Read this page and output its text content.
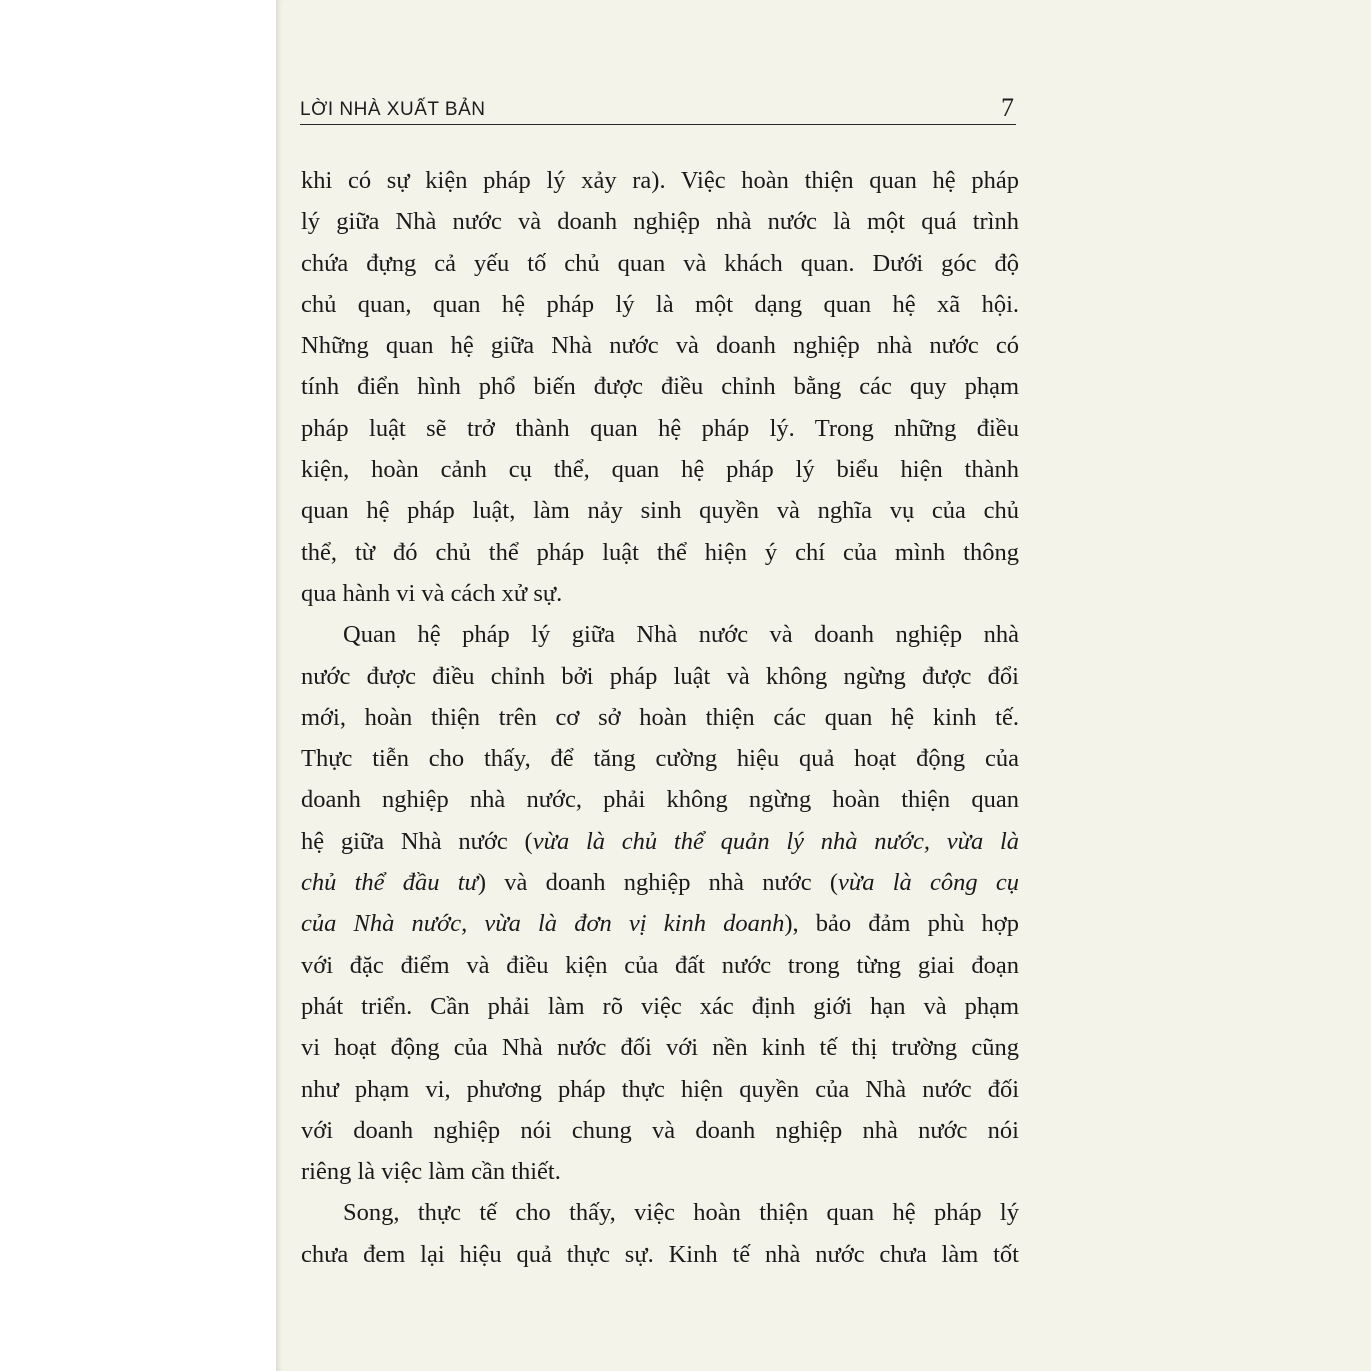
LỜI NHÀ XUẤT BẢN	7
khi có sự kiện pháp lý xảy ra). Việc hoàn thiện quan hệ pháp
lý giữa Nhà nước và doanh nghiệp nhà nước là một quá trình
chứa đựng cả yếu tố chủ quan và khách quan. Dưới góc độ
chủ quan, quan hệ pháp lý là một dạng quan hệ xã hội.
Những quan hệ giữa Nhà nước và doanh nghiệp nhà nước có
tính điển hình phổ biến được điều chỉnh bằng các quy phạm
pháp luật sẽ trở thành quan hệ pháp lý. Trong những điều
kiện, hoàn cảnh cụ thể, quan hệ pháp lý biểu hiện thành
quan hệ pháp luật, làm nảy sinh quyền và nghĩa vụ của chủ
thể, từ đó chủ thể pháp luật thể hiện ý chí của mình thông
qua hành vi và cách xử sự.
Quan hệ pháp lý giữa Nhà nước và doanh nghiệp nhà
nước được điều chỉnh bởi pháp luật và không ngừng được đổi
mới, hoàn thiện trên cơ sở hoàn thiện các quan hệ kinh tế.
Thực tiễn cho thấy, để tăng cường hiệu quả hoạt động của
doanh nghiệp nhà nước, phải không ngừng hoàn thiện quan
hệ giữa Nhà nước (vừa là chủ thể quản lý nhà nước, vừa là
chủ thể đầu tư) và doanh nghiệp nhà nước (vừa là công cụ
của Nhà nước, vừa là đơn vị kinh doanh), bảo đảm phù hợp
với đặc điểm và điều kiện của đất nước trong từng giai đoạn
phát triển. Cần phải làm rõ việc xác định giới hạn và phạm
vi hoạt động của Nhà nước đối với nền kinh tế thị trường cũng
như phạm vi, phương pháp thực hiện quyền của Nhà nước đối
với doanh nghiệp nói chung và doanh nghiệp nhà nước nói
riêng là việc làm cần thiết.
Song, thực tế cho thấy, việc hoàn thiện quan hệ pháp lý
chưa đem lại hiệu quả thực sự. Kinh tế nhà nước chưa làm tốt
